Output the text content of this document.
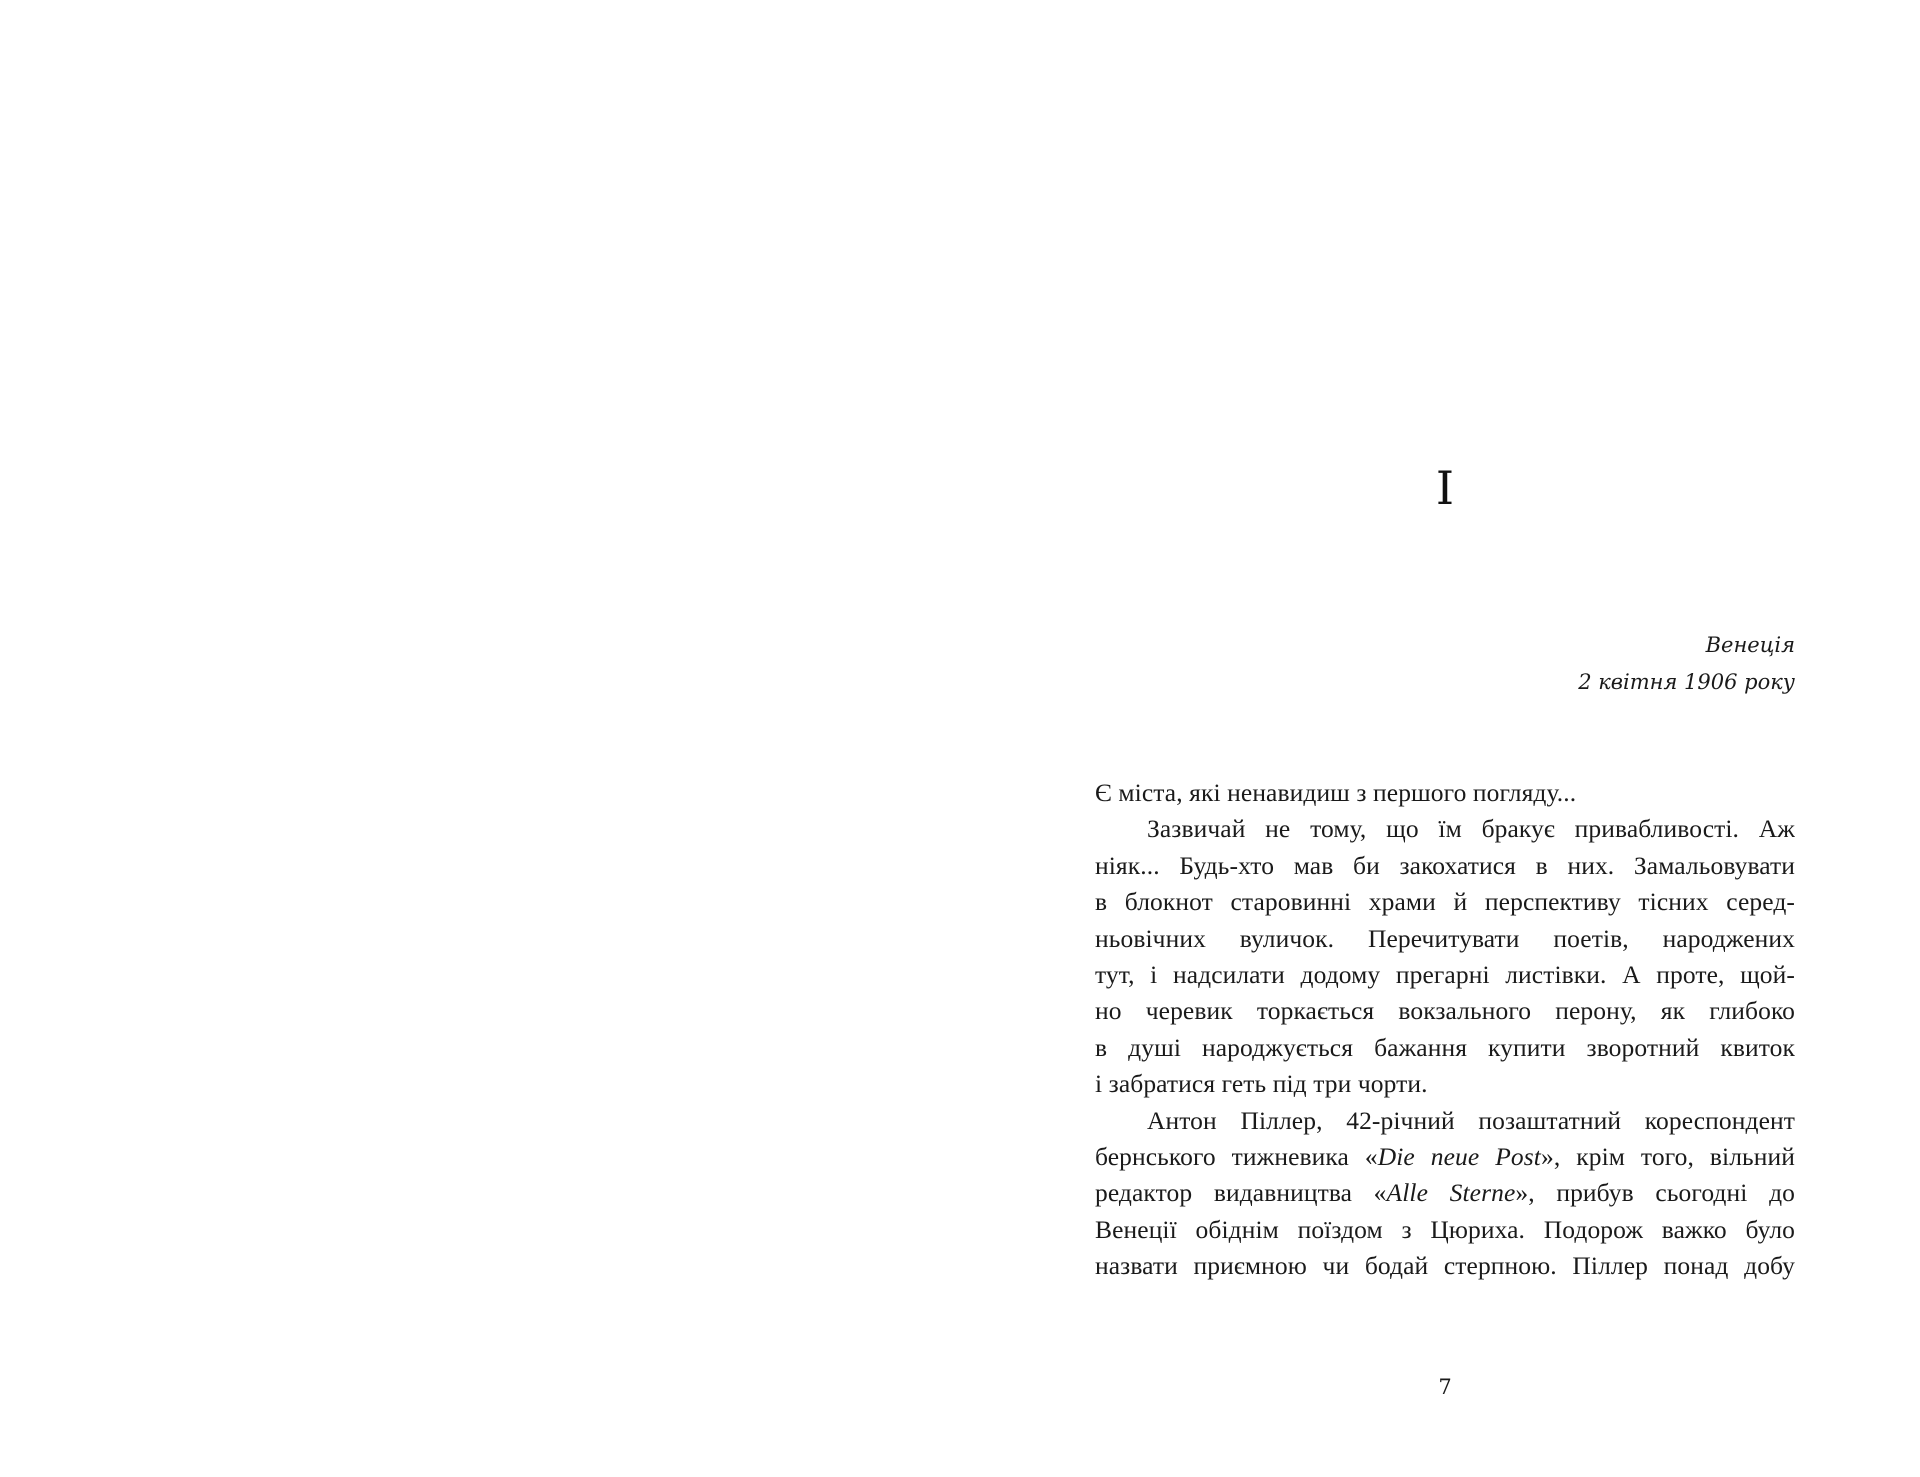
I
Венеція
2 квітня 1906 року
Є міста, які ненавидиш з першого погляду...
Зазвичай не тому, що їм бракує привабливості. Аж
ніяк... Будь-хто мав би закохатися в них. Замальовувати
в блокнот старовинні храми й перспективу тісних серед-
ньовічних вуличок. Перечитувати поетів, народжених
тут, і надсилати додому прегарні листівки. А проте, щой-
но черевик торкається вокзального перону, як глибоко
в душі народжується бажання купити зворотний квиток
і забратися геть під три чорти.
Антон Піллер, 42-річний позаштатний кореспондент
бернського тижневика «Die neue Post», крім того, вільний
редактор видавництва «Alle Sterne», прибув сьогодні до
Венеції обіднім поїздом з Цюриха. Подорож важко було
назвати приємною чи бодай стерпною. Піллер понад добу
7
